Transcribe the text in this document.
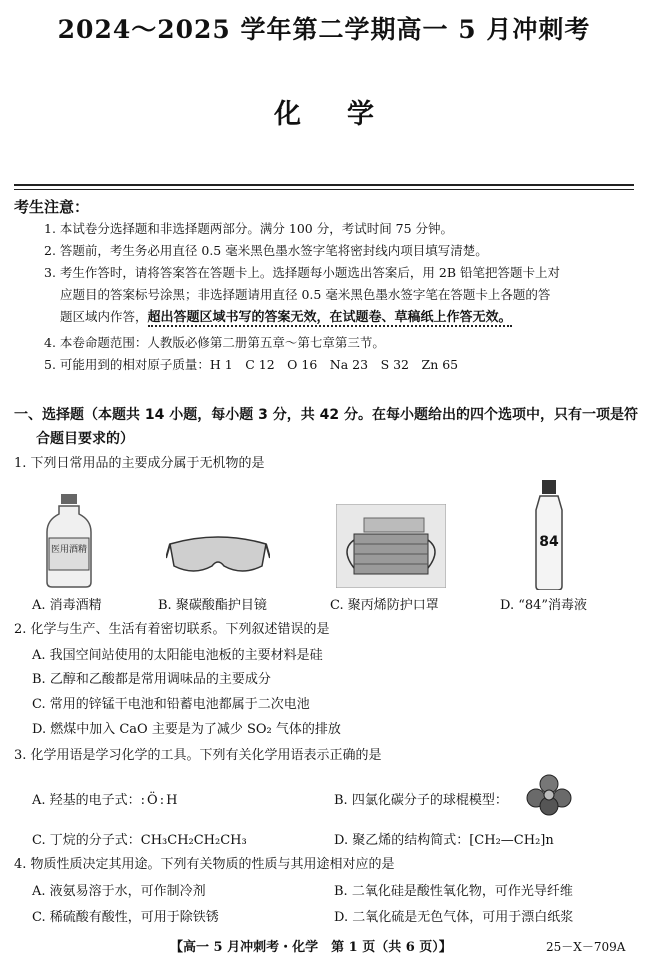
2024～2025 学年第二学期高一 5 月冲刺考
化学
考生注意：
1. 本试卷分选择题和非选择题两部分。满分 100 分，考试时间 75 分钟。
2. 答题前，考生务必用直径 0.5 毫米黑色墨水签字笔将密封线内项目填写清楚。
3. 考生作答时，请将答案答在答题卡上。选择题每小题选出答案后，用 2B 铅笔把答题卡上对
应题目的答案标号涂黑；非选择题请用直径 0.5 毫米黑色墨水签字笔在答题卡上各题的答
题区域内作答，超出答题区域书写的答案无效，在试题卷、草稿纸上作答无效。
4. 本卷命题范围：人教版必修第二册第五章～第七章第三节。
5. 可能用到的相对原子质量：H 1　C 12　O 16　Na 23　S 32　Zn 65
一、选择题（本题共 14 小题，每小题 3 分，共 42 分。在每小题给出的四个选项中，只有一项是符
合题目要求的）
1. 下列日常用品的主要成分属于无机物的是
医用酒精	84
A. 消毒酒精	B. 聚碳酸酯护目镜	C. 聚丙烯防护口罩	D. “84”消毒液
2. 化学与生产、生活有着密切联系。下列叙述错误的是
A. 我国空间站使用的太阳能电池板的主要材料是硅
B. 乙醇和乙酸都是常用调味品的主要成分
C. 常用的锌锰干电池和铅蓄电池都属于二次电池
D. 燃煤中加入 CaO 主要是为了减少 SO₂ 气体的排放
3. 化学用语是学习化学的工具。下列有关化学用语表示正确的是
A. 羟基的电子式：:Ö:H	B. 四氯化碳分子的球棍模型：
C. 丁烷的分子式：CH₃CH₂CH₂CH₃	D. 聚乙烯的结构简式：[CH₂—CH₂]n
4. 物质性质决定其用途。下列有关物质的性质与其用途相对应的是
A. 液氨易溶于水，可作制冷剂	B. 二氧化硅是酸性氧化物，可作光导纤维
C. 稀硫酸有酸性，可用于除铁锈	D. 二氧化硫是无色气体，可用于漂白纸浆
【高一 5 月冲刺考・化学　第 1 页（共 6 页）】	25－X－709A
